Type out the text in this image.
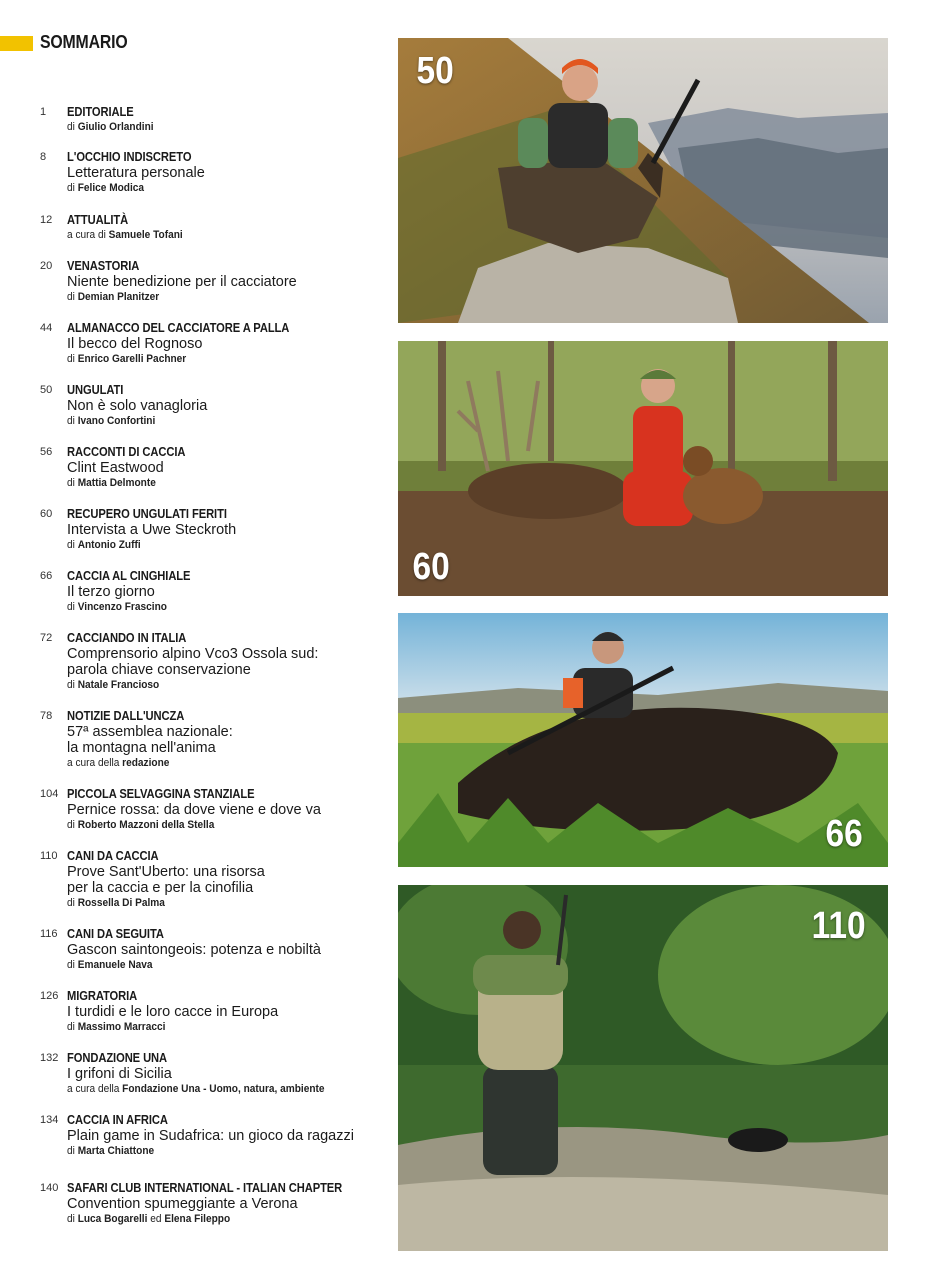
SOMMARIO
1	EDITORIALE
di Giulio Orlandini
8	L'OCCHIO INDISCRETO
Letteratura personale
di Felice Modica
12	ATTUALITÀ
a cura di Samuele Tofani
20	VENASTORIA
Niente benedizione per il cacciatore
di Demian Planitzer
44	ALMANACCO DEL CACCIATORE A PALLA
Il becco del Rognoso
di Enrico Garelli Pachner
50	UNGULATI
Non è solo vanagloria
di Ivano Confortini
56	RACCONTI DI CACCIA
Clint Eastwood
di Mattia Delmonte
60	RECUPERO UNGULATI FERITI
Intervista a Uwe Steckroth
di Antonio Zuffi
66	CACCIA AL CINGHIALE
Il terzo giorno
di Vincenzo Frascino
72	CACCIANDO IN ITALIA
Comprensorio alpino Vco3 Ossola sud:
parola chiave conservazione
di Natale Francioso
78	NOTIZIE DALL'UNCZA
57ª assemblea nazionale:
la montagna nell'anima
a cura della redazione
104 PICCOLA SELVAGGINA STANZIALE
Pernice rossa: da dove viene e dove va
di Roberto Mazzoni della Stella
110 CANI DA CACCIA
Prove Sant'Uberto: una risorsa
per la caccia e per la cinofilia
di Rossella Di Palma
116 CANI DA SEGUITA
Gascon saintongeois: potenza e nobiltà
di Emanuele Nava
126 MIGRATORIA
I turdidi e le loro cacce in Europa
di Massimo Marracci
132 FONDAZIONE UNA
I grifoni di Sicilia
a cura della Fondazione Una - Uomo, natura, ambiente
134 CACCIA IN AFRICA
Plain game in Sudafrica: un gioco da ragazzi
di Marta Chiattone
140 SAFARI CLUB INTERNATIONAL - ITALIAN CHAPTER
Convention spumeggiante a Verona
di Luca Bogarelli ed Elena Fileppo
50
60
66
110
